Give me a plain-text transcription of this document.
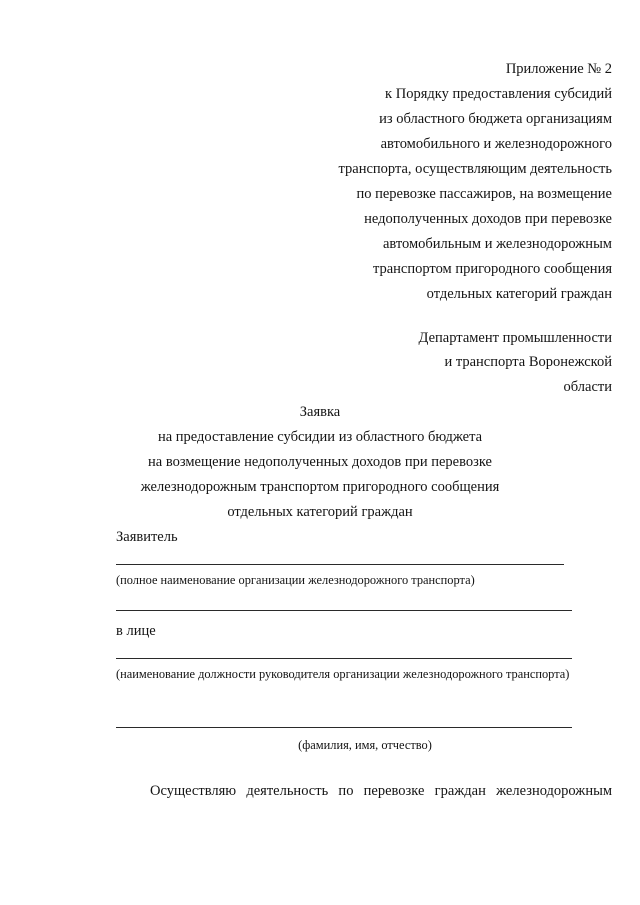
Приложение № 2
к Порядку предоставления субсидий
из областного бюджета организациям
автомобильного и железнодорожного
транспорта, осуществляющим деятельность
по перевозке пассажиров, на возмещение
недополученных доходов при перевозке
автомобильным и железнодорожным
транспортом пригородного сообщения
отдельных категорий граждан
Департамент промышленности
и транспорта Воронежской
области
Заявка
на предоставление субсидии из областного бюджета
на возмещение недополученных доходов при перевозке
железнодорожным транспортом пригородного сообщения
отдельных категорий граждан
Заявитель
(полное наименование организации железнодорожного транспорта)
в лице
(наименование должности руководителя организации железнодорожного транспорта)
(фамилия, имя, отчество)
Осуществляю деятельность по перевозке граждан железнодорожным
